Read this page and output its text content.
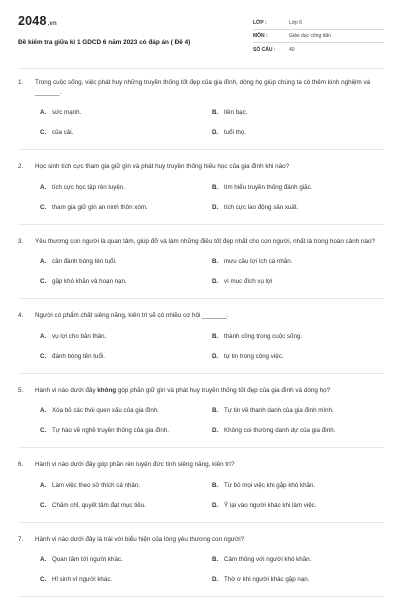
2048.vn
Đề kiểm tra giữa kì 1 GDCD 6 năm 2023 có đáp án ( Đề 4)
LỚP :	Lớp 6
MÔN :	Giáo dục công dân
SỐ CÂU :	40
1.	Trong cuộc sống, việc phát huy những truyền thống tốt đẹp của gia đình, dòng họ giúp chúng ta có thêm kinh nghiệm và _______.
A. sức mạnh.	B. tiền bạc.
C. của cải.	D. tuổi thọ.
2.	Học sinh tích cực tham gia giữ gìn và phát huy truyền thống hiếu học của gia đình khi nào?
A. tích cực học tập rèn luyện.	B. tìm hiểu truyền thống đánh giặc.
C. tham gia giữ gìn an ninh thôn xóm.	D. tích cực lao động sản xuất.
3.	Yêu thương con người là quan tâm, giúp đỡ và làm những điều tốt đẹp nhất cho con người, nhất là trong hoàn cảnh nào?
A. cần đánh bóng tên tuổi.	B. mưu cầu lợi ích cá nhân.
C. gặp khó khăn và hoạn nạn.	D. vì mục đích vụ lợi
4.	Người có phẩm chất siêng năng, kiên trì sẽ có nhiều cơ hội _______.
A. vụ lợi cho bản thân.	B. thành công trong cuộc sống.
C. đánh bóng tên tuổi.	D. tự tin trong công việc.
5.	Hành vi nào dưới đây không góp phần giữ gìn và phát huy truyền thống tốt đẹp của gia đình và dòng họ?
A. Xóa bỏ các thói quen xấu của gia đình.	B. Tự tin về thanh danh của gia đình mình.
C. Tự hào về nghề truyền thống của gia đình.	D. Không coi thường danh dự của gia đình.
6.	Hành vi nào dưới đây góp phần rèn luyện đức tính siêng năng, kiên trì?
A. Làm việc theo sở thích cá nhân.	B. Từ bỏ mọi việc khi gặp khó khăn.
C. Chăm chỉ, quyết tâm đạt mục tiêu.	D. Ỷ lại vào người khác khi làm việc.
7.	Hành vi nào dưới đây là trái với biểu hiện của lòng yêu thương con người?
A. Quan tâm tới người khác.	B. Cảm thông với người khó khăn.
C. Hỉ sinh vì người khác.	D. Thờ ơ khi người khác gặp nạn.
